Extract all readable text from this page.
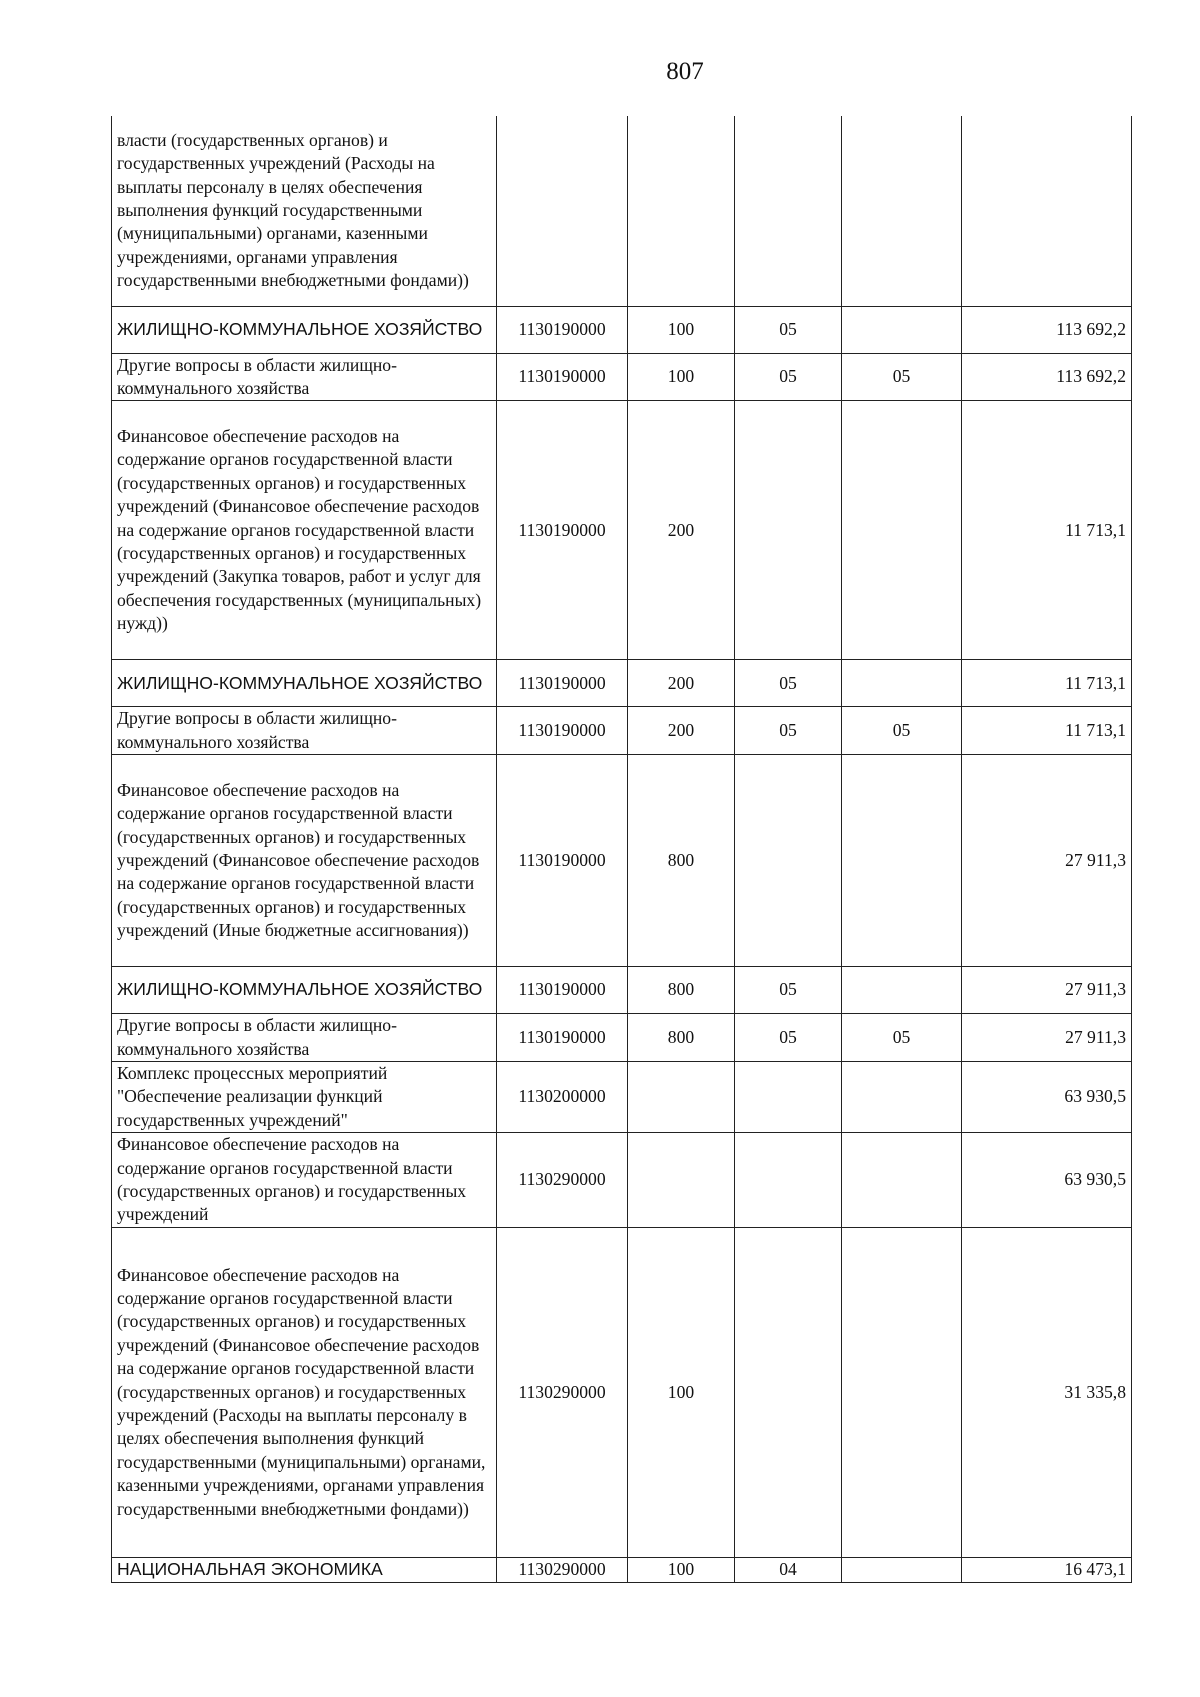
807
власти (государственных органов) и государственных учреждений (Расходы на выплаты персоналу в целях обеспечения выполнения функций государственными (муниципальными) органами, казенными учреждениями, органами управления государственными внебюджетными фондами))					
ЖИЛИЩНО-КОММУНАЛЬНОЕ ХОЗЯЙСТВО	1130190000	100	05		113 692,2
Другие вопросы в области жилищно-коммунального хозяйства	1130190000	100	05	05	113 692,2
Финансовое обеспечение расходов на содержание органов государственной власти (государственных органов) и государственных учреждений (Финансовое обеспечение расходов на содержание органов государственной власти (государственных органов) и государственных учреждений (Закупка товаров, работ и услуг для обеспечения государственных (муниципальных) нужд))	1130190000	200			11 713,1
ЖИЛИЩНО-КОММУНАЛЬНОЕ ХОЗЯЙСТВО	1130190000	200	05		11 713,1
Другие вопросы в области жилищно-коммунального хозяйства	1130190000	200	05	05	11 713,1
Финансовое обеспечение расходов на содержание органов государственной власти (государственных органов) и государственных учреждений (Финансовое обеспечение расходов на содержание органов государственной власти (государственных органов) и государственных учреждений (Иные бюджетные ассигнования))	1130190000	800			27 911,3
ЖИЛИЩНО-КОММУНАЛЬНОЕ ХОЗЯЙСТВО	1130190000	800	05		27 911,3
Другие вопросы в области жилищно-коммунального хозяйства	1130190000	800	05	05	27 911,3
Комплекс процессных мероприятий "Обеспечение реализации функций государственных учреждений"	1130200000				63 930,5
Финансовое обеспечение расходов на содержание органов государственной власти (государственных органов) и государственных учреждений	1130290000				63 930,5
Финансовое обеспечение расходов на содержание органов государственной власти (государственных органов) и государственных учреждений (Финансовое обеспечение расходов на содержание органов государственной власти (государственных органов) и государственных учреждений (Расходы на выплаты персоналу в целях обеспечения выполнения функций государственными (муниципальными) органами, казенными учреждениями, органами управления государственными внебюджетными фондами))	1130290000	100			31 335,8
НАЦИОНАЛЬНАЯ ЭКОНОМИКА	1130290000	100	04		16 473,1
